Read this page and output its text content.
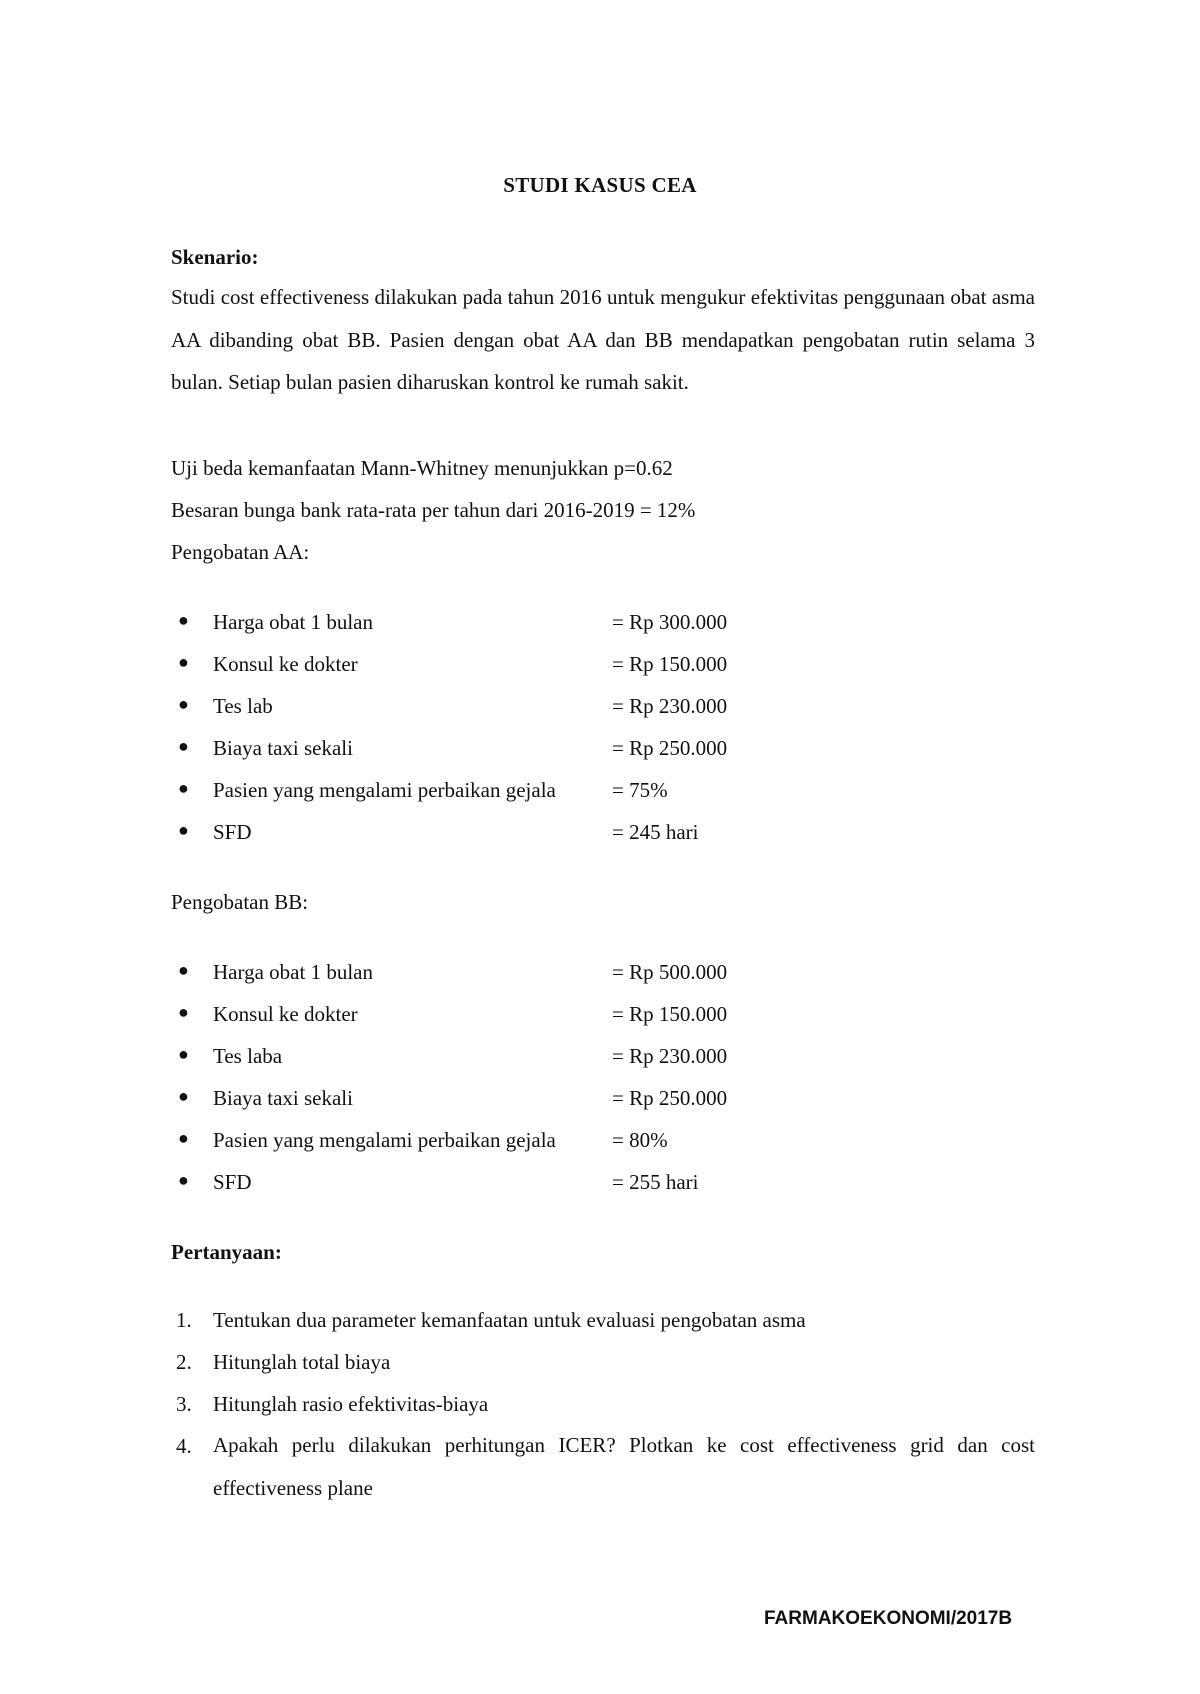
STUDI KASUS CEA
Skenario:

Studi cost effectiveness dilakukan pada tahun 2016 untuk mengukur efektivitas penggunaan obat asma AA dibanding obat BB. Pasien dengan obat AA dan BB mendapatkan pengobatan rutin selama 3 bulan. Setiap bulan pasien diharuskan kontrol ke rumah sakit.

Uji beda kemanfaatan Mann-Whitney menunjukkan p=0.62
Besaran bunga bank rata-rata per tahun dari 2016-2019 = 12%
Pengobatan AA:
● Harga obat 1 bulan	= Rp 300.000
● Konsul ke dokter	= Rp 150.000
● Tes lab	= Rp 230.000
● Biaya taxi sekali	= Rp 250.000
● Pasien yang mengalami perbaikan gejala	= 75%
● SFD	= 245 hari
Pengobatan BB:
● Harga obat 1 bulan	= Rp 500.000
● Konsul ke dokter	= Rp 150.000
● Tes laba	= Rp 230.000
● Biaya taxi sekali	= Rp 250.000
● Pasien yang mengalami perbaikan gejala	= 80%
● SFD	= 255 hari
Pertanyaan:
1. Tentukan dua parameter kemanfaatan untuk evaluasi pengobatan asma
2. Hitunglah total biaya
3. Hitunglah rasio efektivitas-biaya
4. Apakah perlu dilakukan perhitungan ICER? Plotkan ke cost effectiveness grid dan cost effectiveness plane
FARMAKOEKONOMI/2017B
